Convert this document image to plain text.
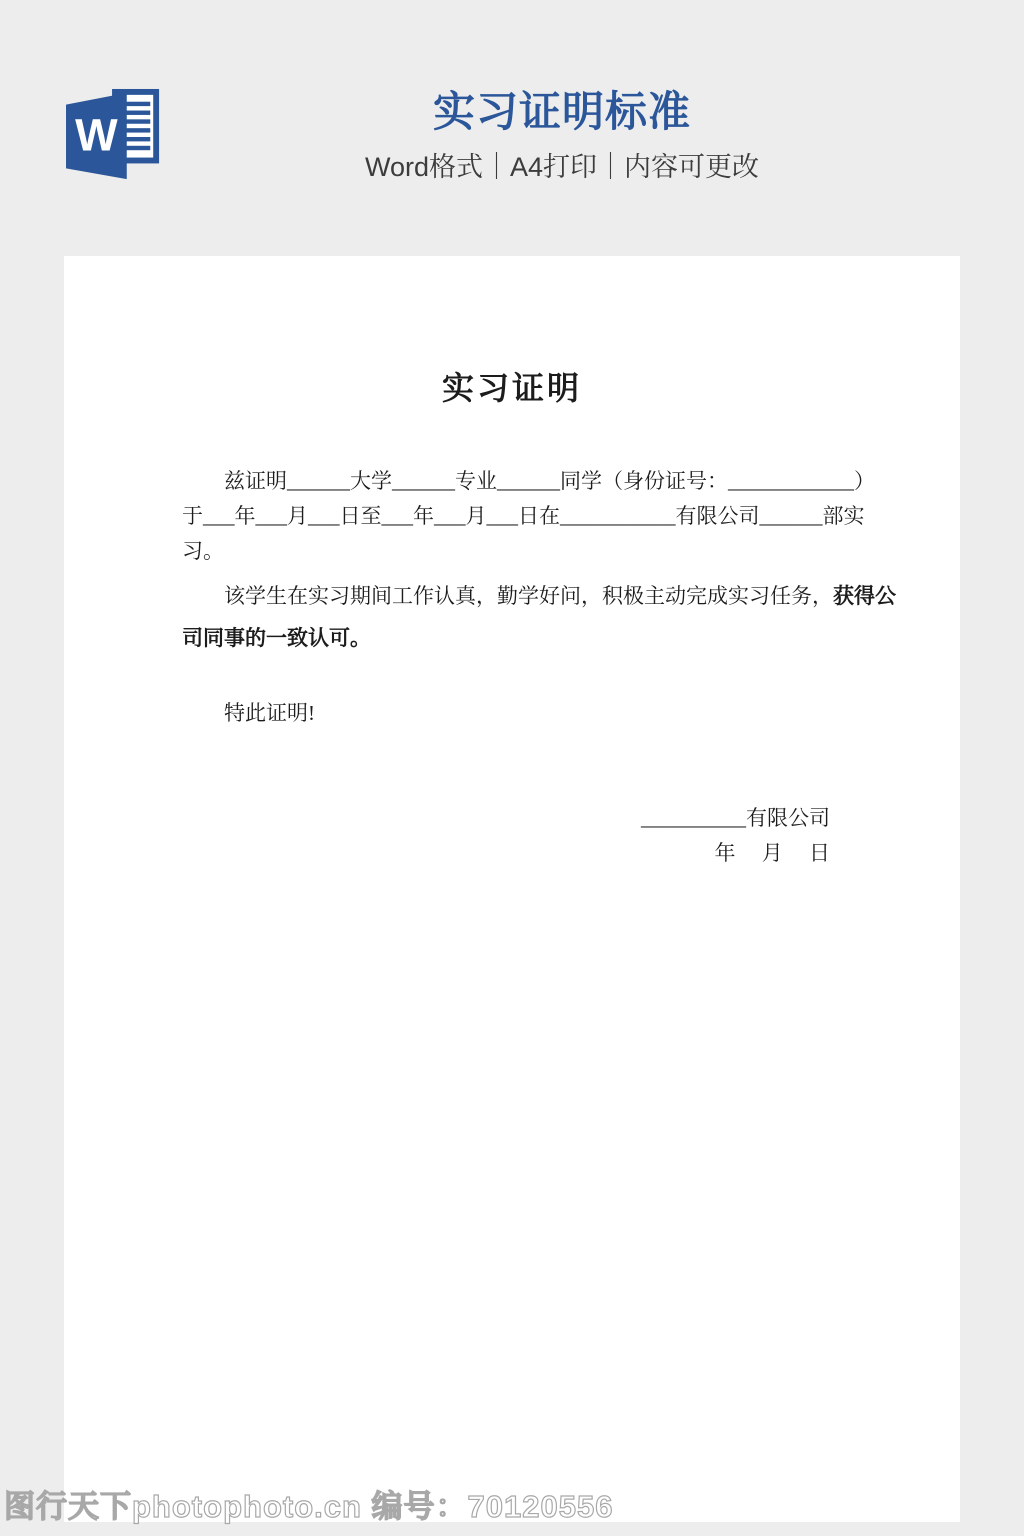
W	实习证明标准
Word格式｜A4打印｜内容可更改
实习证明
兹证明______大学______专业______同学（身份证号：____________）
于___年___月___日至___年___月___日在___________有限公司______部实
习。
该学生在实习期间工作认真，勤学好问，积极主动完成实习任务，获得公
司同事的一致认可。
特此证明!
__________有限公司
年　 月　 日
图行天下photophoto.cn 编号：70120556
